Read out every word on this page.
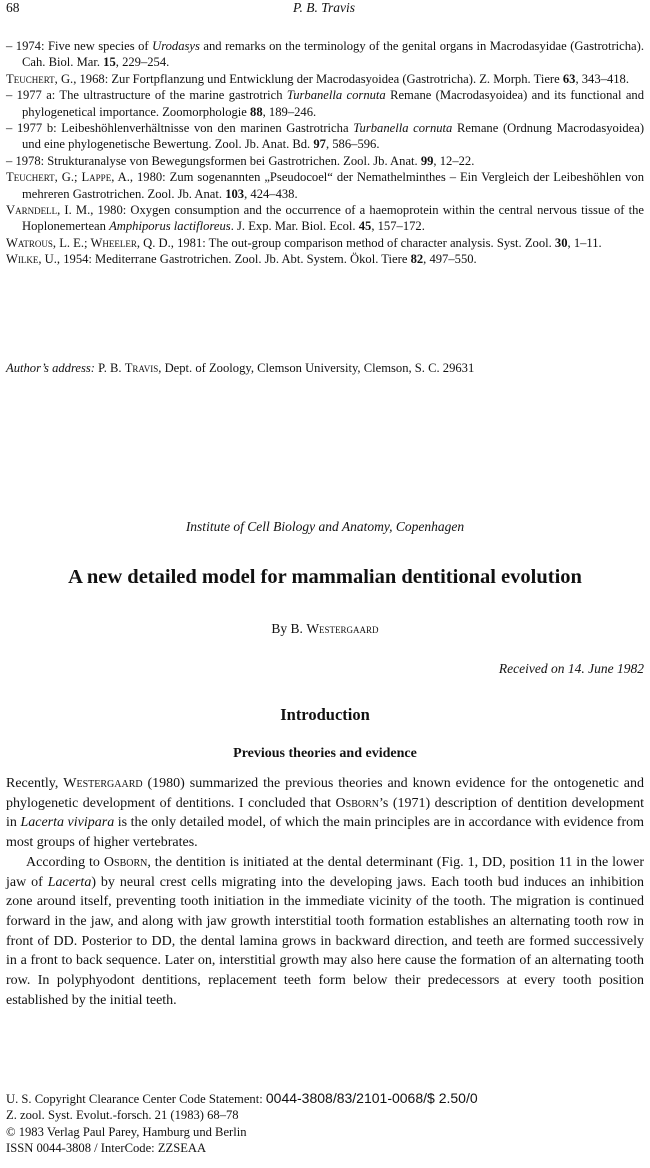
68	P. B. Travis

– 1974: Five new species of Urodasys and remarks on the terminology of the genital organs in Macrodasyidae (Gastrotricha). Cah. Biol. Mar. 15, 229–254.

Teuchert, G., 1968: Zur Fortpflanzung und Entwicklung der Macrodasyoidea (Gastrotricha). Z. Morph. Tiere 63, 343–418.

– 1977 a: The ultrastructure of the marine gastrotrich Turbanella cornuta Remane (Macrodasyoidea) and its functional and phylogenetical importance. Zoomorphologie 88, 189–246.

– 1977 b: Leibeshöhlenverhältnisse von den marinen Gastrotricha Turbanella cornuta Remane (Ordnung Macrodasyoidea) und eine phylogenetische Bewertung. Zool. Jb. Anat. Bd. 97, 586–596.

– 1978: Strukturanalyse von Bewegungsformen bei Gastrotrichen. Zool. Jb. Anat. 99, 12–22.

Teuchert, G.; Lappe, A., 1980: Zum sogenannten „Pseudocoel“ der Nemathelminthes – Ein Vergleich der Leibeshöhlen von mehreren Gastrotrichen. Zool. Jb. Anat. 103, 424–438.

Varndell, I. M., 1980: Oxygen consumption and the occurrence of a haemoprotein within the central nervous tissue of the Hoplonemertean Amphiporus lactifloreus. J. Exp. Mar. Biol. Ecol. 45, 157–172.

Watrous, L. E.; Wheeler, Q. D., 1981: The out-group comparison method of character analysis. Syst. Zool. 30, 1–11.

Wilke, U., 1954: Mediterrane Gastrotrichen. Zool. Jb. Abt. System. Ökol. Tiere 82, 497–550.

Author’s address: P. B. Travis, Dept. of Zoology, Clemson University, Clemson, S. C. 29631
Institute of Cell Biology and Anatomy, Copenhagen
A new detailed model for mammalian dentitional evolution
By B. Westergaard
Received on 14. June 1982
Introduction
Previous theories and evidence

Recently, Westergaard (1980) summarized the previous theories and known evidence for the ontogenetic and phylogenetic development of dentitions. I concluded that Osborn’s (1971) description of dentition development in Lacerta vivipara is the only detailed model, of which the main principles are in accordance with evidence from most groups of higher vertebrates.

According to Osborn, the dentition is initiated at the dental determinant (Fig. 1, DD, position 11 in the lower jaw of Lacerta) by neural crest cells migrating into the developing jaws. Each tooth bud induces an inhibition zone around itself, preventing tooth initiation in the immediate vicinity of the tooth. The migration is continued forward in the jaw, and along with jaw growth interstitial tooth formation establishes an alternating tooth row in front of DD. Posterior to DD, the dental lamina grows in backward direction, and teeth are formed successively in a front to back sequence. Later on, interstitial growth may also here cause the formation of an alternating tooth row. In polyphyodont dentitions, replacement teeth form below their predecessors at every tooth position established by the initial teeth.

U. S. Copyright Clearance Center Code Statement: 0044-3808/83/2101-0068/$ 2.50/0
Z. zool. Syst. Evolut.-forsch. 21 (1983) 68–78
© 1983 Verlag Paul Parey, Hamburg und Berlin
ISSN 0044-3808 / InterCode: ZZSEAA
